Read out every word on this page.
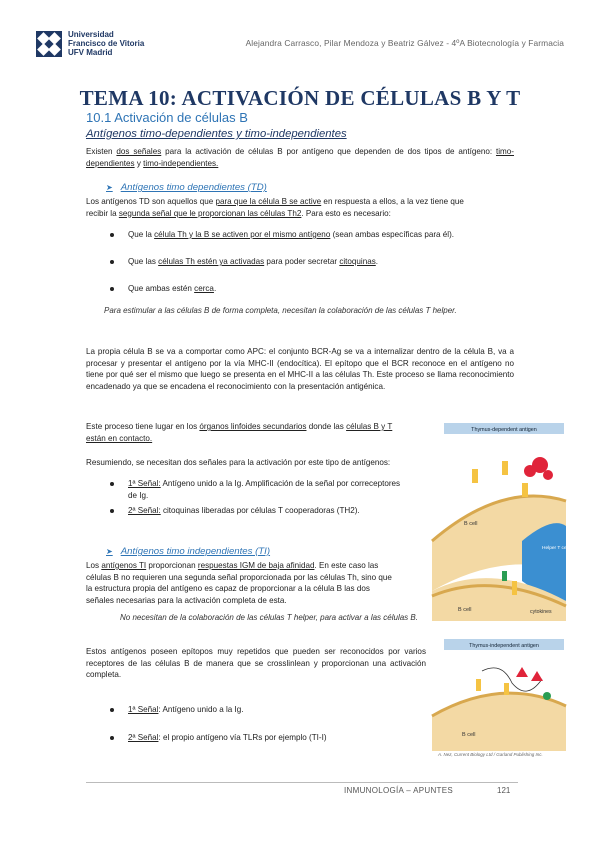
Universidad
Francisco de Vitoria
UFV Madrid
Alejandra Carrasco, Pilar Mendoza y Beatriz Gálvez - 4ºA Biotecnología y Farmacia
TEMA 10: ACTIVACIÓN DE CÉLULAS B Y T
10.1 Activación de células B
Antígenos timo-dependientes y timo-independientes
Existen dos señales para la activación de células B por antígeno que dependen de dos tipos de antígeno: timo-dependientes y timo-independientes.
➤ Antígenos timo dependientes (TD)
Los antígenos TD son aquellos que para que la célula B se active en respuesta a ellos, a la vez tiene que
recibir la segunda señal que le proporcionan las células Th2. Para esto es necesario:
Que la célula Th y la B se activen por el mismo antígeno (sean ambas específicas para él).
Que las células Th estén ya activadas para poder secretar citoquinas.
Que ambas estén cerca.
Para estimular a las células B de forma completa, necesitan la colaboración de las células T helper.
La propia célula B se va a comportar como APC: el conjunto BCR-Ag se va a internalizar dentro de la célula B, va a procesar y presentar el antígeno por la vía MHC-II (endocítica). El epítopo que el BCR reconoce en el antígeno no tiene por qué ser el mismo que luego se presenta en el MHC-II a las células Th. Este proceso se llama reconocimiento encadenado ya que se encadena el reconocimiento con la presentación antigénica.
Este proceso tiene lugar en los órganos linfoides secundarios donde las células B y T
están en contacto.
Resumiendo, se necesitan dos señales para la activación por este tipo de antígenos:
1ª Señal: Antígeno unido a la Ig. Amplificación de la señal por correceptores
de Ig.
2ª Señal: citoquinas liberadas por células T cooperadoras (TH2).
➤ Antígenos timo independientes (TI)
Los antígenos TI proporcionan respuestas IGM de baja afinidad. En este caso las
células B no requieren una segunda señal proporcionada por las células Th, sino que
la estructura propia del antígeno es capaz de proporcionar a la célula B las dos
señales necesarias para la activación completa de esta.
No necesitan de la colaboración de las células T helper, para activar a las células B.
Estos antígenos poseen epítopos muy repetidos que pueden ser reconocidos por varios receptores de las células B de manera que se crosslinlean y proporcionan una activación completa.
1ª Señal: Antígeno unido a la Ig.
2ª Señal: el propio antígeno vía TLRs por ejemplo (TI-I)
Thymus-dependent antigen
B cell
Helper T cell
B cell	cytokines
Thymus-independent antigen
B cell
A. Nez, Current Biology Ltd / Garland Publishing Inc.
INMUNOLOGÍA – APUNTES	121
